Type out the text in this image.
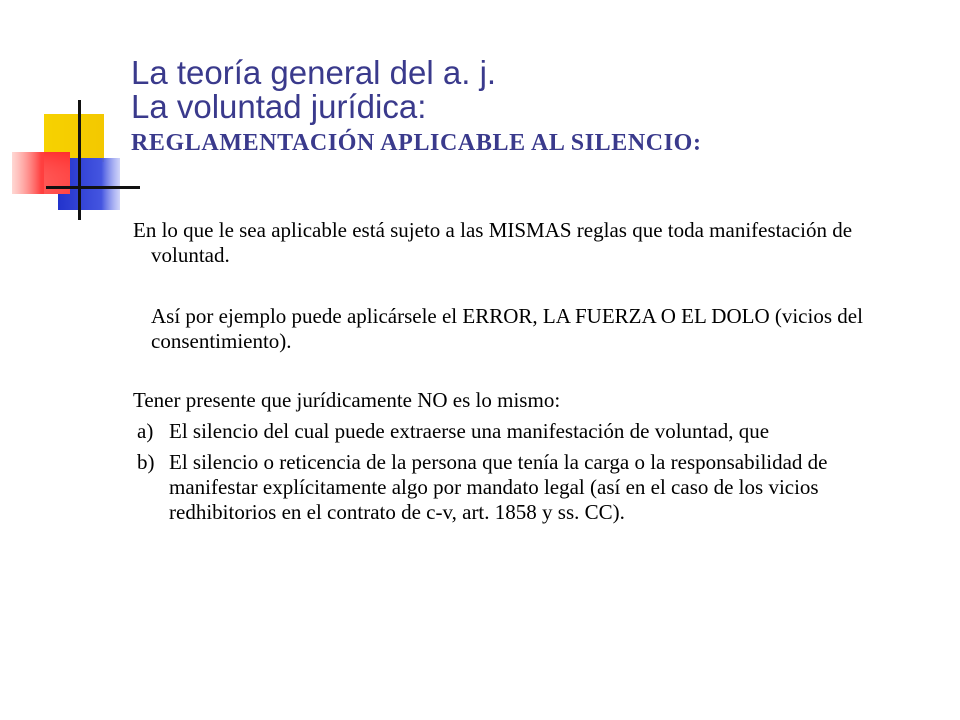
La teoría general del a. j.
La voluntad jurídica:
REGLAMENTACIÓN APLICABLE AL SILENCIO:

En lo que le sea aplicable está sujeto a las MISMAS reglas que toda manifestación de voluntad.

Así por ejemplo puede aplicársele el ERROR, LA FUERZA O EL DOLO (vicios del consentimiento).

Tener presente que jurídicamente NO es lo mismo:

a) El silencio del cual puede extraerse una manifestación de voluntad, que
b) El silencio o reticencia de la persona que tenía la carga o la responsabilidad de manifestar explícitamente algo por mandato legal (así en el caso de los vicios redhibitorios en el contrato de c-v, art. 1858 y ss. CC).
